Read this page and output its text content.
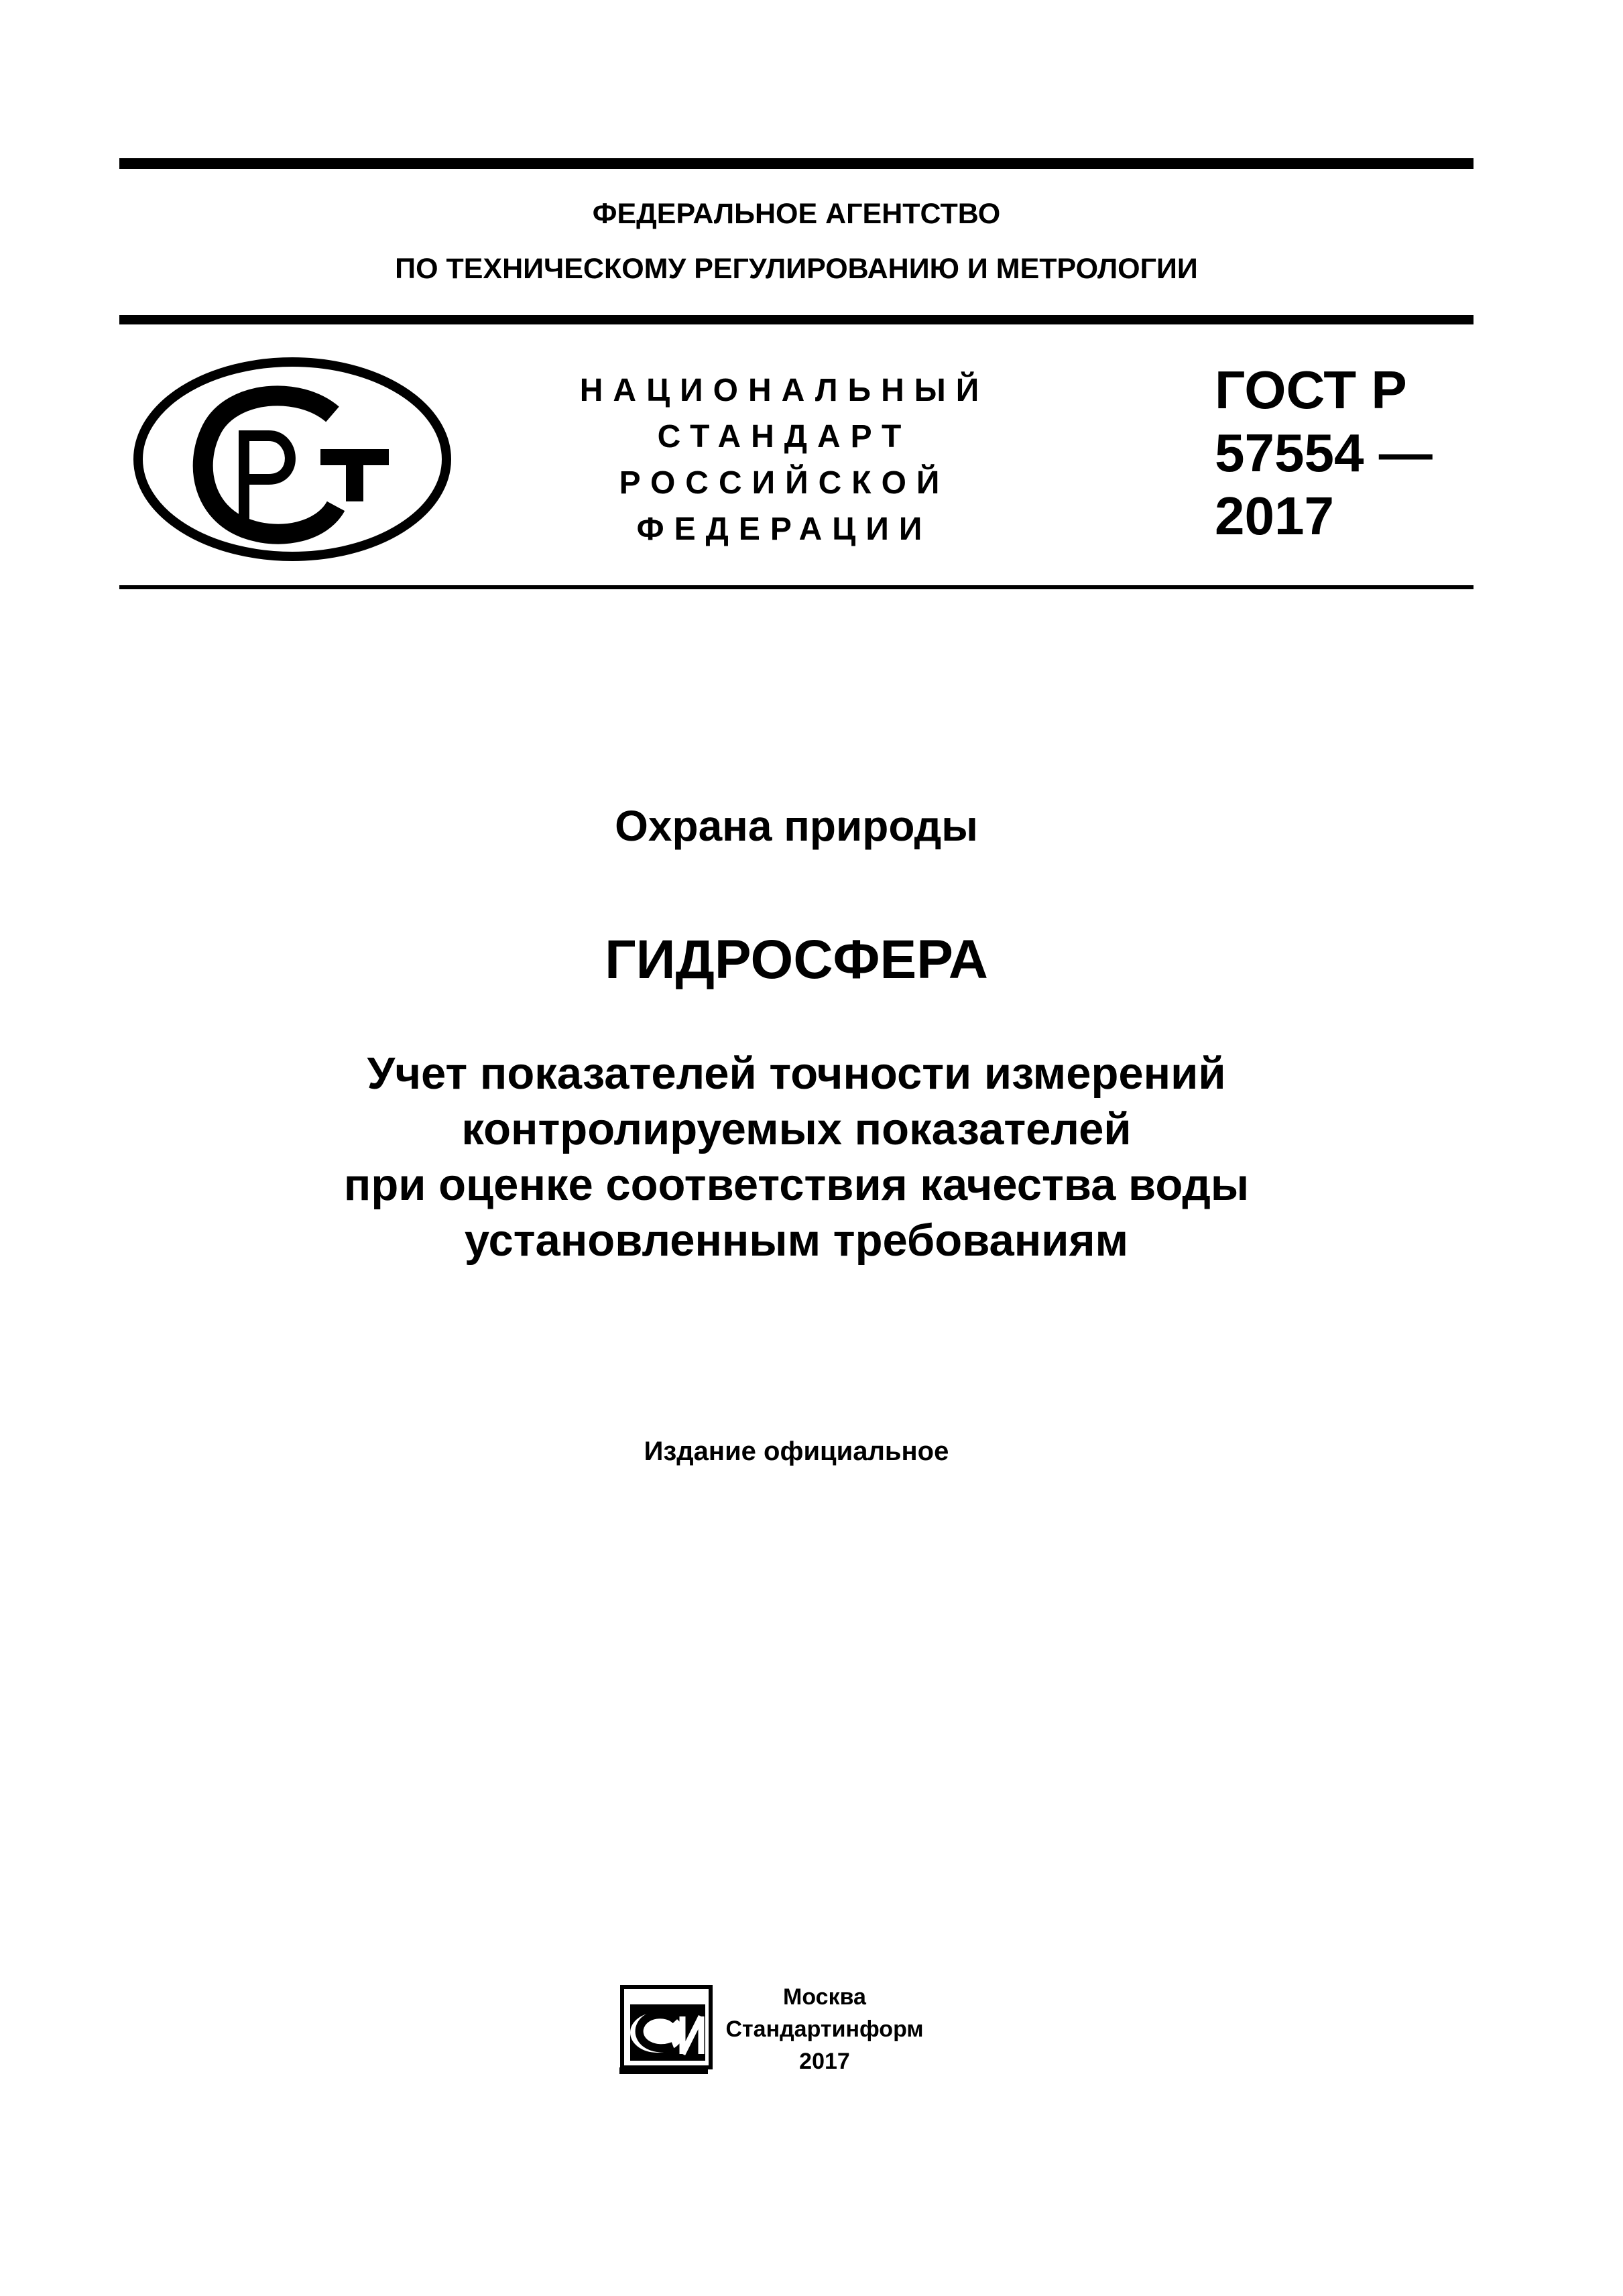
ФЕДЕРАЛЬНОЕ АГЕНТСТВО
ПО ТЕХНИЧЕСКОМУ РЕГУЛИРОВАНИЮ И МЕТРОЛОГИИ
НАЦИОНАЛЬНЫЙ
СТАНДАРТ
РОССИЙСКОЙ
ФЕДЕРАЦИИ
ГОСТ Р
57554 —
2017
Охрана природы
ГИДРОСФЕРА
Учет показателей точности измерений
контролируемых показателей
при оценке соответствия качества воды
установленным требованиям
Издание официальное
Москва
Стандартинформ
2017
